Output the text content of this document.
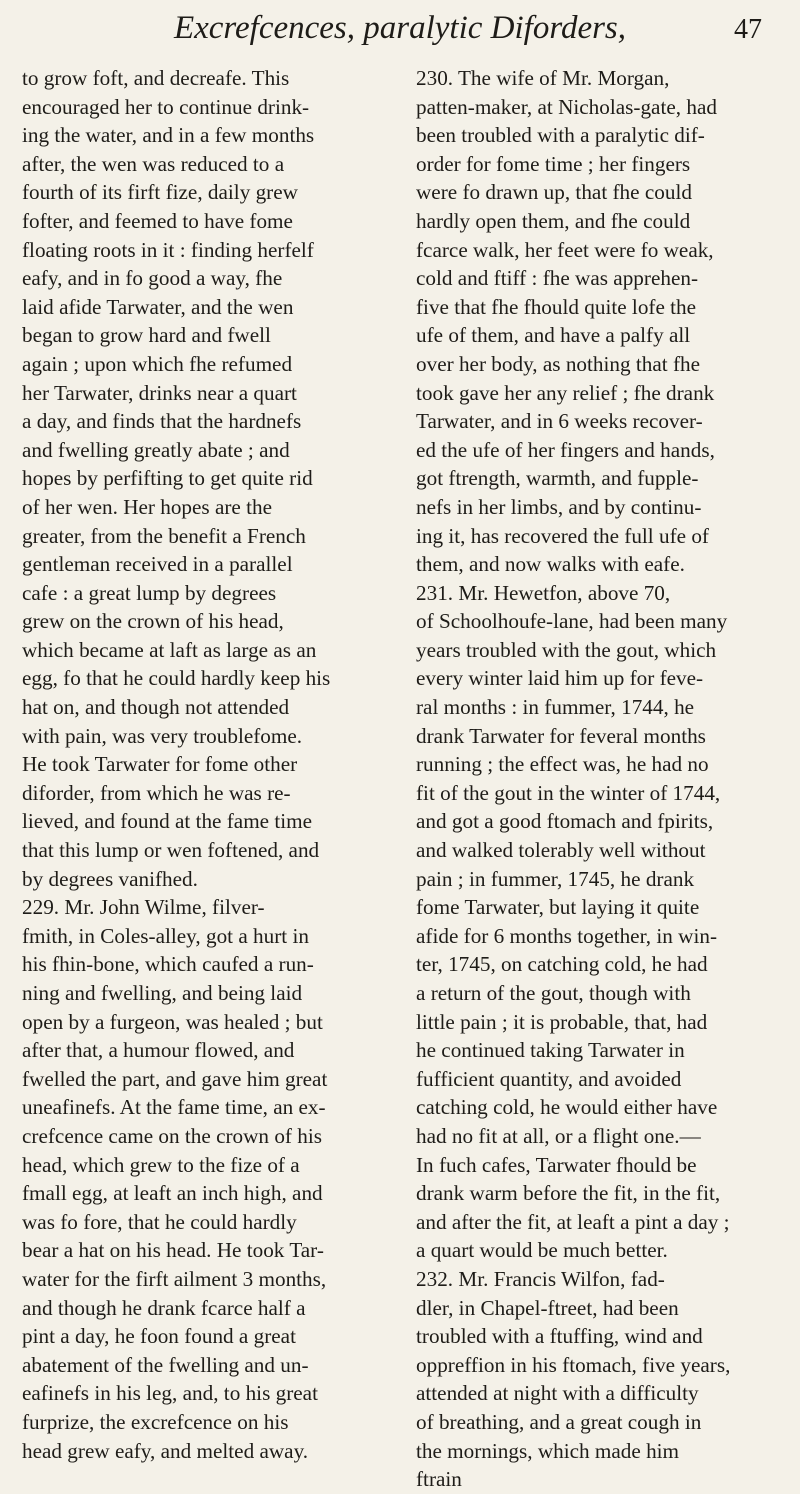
Excrefcences, paralytic Diforders,	47
to grow foft, and decreafe. This
encouraged her to continue drink-
ing the water, and in a few months
after, the wen was reduced to a
fourth of its firft fize, daily grew
fofter, and feemed to have fome
floating roots in it : finding herfelf
eafy, and in fo good a way, fhe
laid afide Tarwater, and the wen
began to grow hard and fwell
again ; upon which fhe refumed
her Tarwater, drinks near a quart
a day, and finds that the hardnefs
and fwelling greatly abate ; and
hopes by perfifting to get quite rid
of her wen. Her hopes are the
greater, from the benefit a French
gentleman received in a parallel
cafe : a great lump by degrees
grew on the crown of his head,
which became at laft as large as an
egg, fo that he could hardly keep his
hat on, and though not attended
with pain, was very troublefome.
He took Tarwater for fome other
diforder, from which he was re-
lieved, and found at the fame time
that this lump or wen foftened, and
by degrees vanifhed.
229. Mr. John Wilme, filver-
fmith, in Coles-alley, got a hurt in
his fhin-bone, which caufed a run-
ning and fwelling, and being laid
open by a furgeon, was healed ; but
after that, a humour flowed, and
fwelled the part, and gave him great
uneafinefs. At the fame time, an ex-
crefcence came on the crown of his
head, which grew to the fize of a
fmall egg, at leaft an inch high, and
was fo fore, that he could hardly
bear a hat on his head. He took Tar-
water for the firft ailment 3 months,
and though he drank fcarce half a
pint a day, he foon found a great
abatement of the fwelling and un-
eafinefs in his leg, and, to his great
furprize, the excrefcence on his
head grew eafy, and melted away.
230. The wife of Mr. Morgan,
patten-maker, at Nicholas-gate, had
been troubled with a paralytic dif-
order for fome time ; her fingers
were fo drawn up, that fhe could
hardly open them, and fhe could
fcarce walk, her feet were fo weak,
cold and ftiff : fhe was apprehen-
five that fhe fhould quite lofe the
ufe of them, and have a palfy all
over her body, as nothing that fhe
took gave her any relief ; fhe drank
Tarwater, and in 6 weeks recover-
ed the ufe of her fingers and hands,
got ftrength, warmth, and fupple-
nefs in her limbs, and by continu-
ing it, has recovered the full ufe of
them, and now walks with eafe.
231. Mr. Hewetfon, above 70,
of Schoolhoufe-lane, had been many
years troubled with the gout, which
every winter laid him up for feve-
ral months : in fummer, 1744, he
drank Tarwater for feveral months
running ; the effect was, he had no
fit of the gout in the winter of 1744,
and got a good ftomach and fpirits,
and walked tolerably well without
pain ; in fummer, 1745, he drank
fome Tarwater, but laying it quite
afide for 6 months together, in win-
ter, 1745, on catching cold, he had
a return of the gout, though with
little pain ; it is probable, that, had
he continued taking Tarwater in
fufficient quantity, and avoided
catching cold, he would either have
had no fit at all, or a flight one.—
In fuch cafes, Tarwater fhould be
drank warm before the fit, in the fit,
and after the fit, at leaft a pint a day ;
a quart would be much better.
232. Mr. Francis Wilfon, fad-
dler, in Chapel-ftreet, had been
troubled with a ftuffing, wind and
oppreffion in his ftomach, five years,
attended at night with a difficulty
of breathing, and a great cough in
the mornings, which made him
ftrain
